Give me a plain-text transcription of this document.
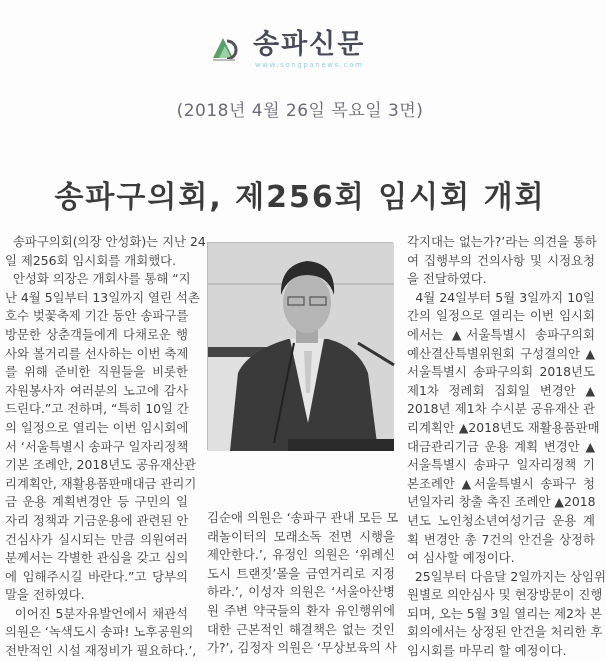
송파신문
www.songpanews.com
(2018년 4월 26일 목요일 3면)
송파구의회, 제256회 임시회 개회
송파구의회(의장 안성화)는 지난 24
일 제256회 임시회를 개회했다.
안성화 의장은 개회사를 통해 “지
난 4월 5일부터 13일까지 열린 석촌
호수 벚꽃축제 기간 동안 송파구를
방문한 상춘객들에게 다채로운 행
사와 볼거리를 선사하는 이번 축제
를 위해 준비한 직원들을 비롯한
자원봉사자 여러분의 노고에 감사
드린다.”고 전하며, “특히 10일 간
의 일정으로 열리는 이번 임시회에
서 ‘서울특별시 송파구 일자리정책
기본 조례안, 2018년도 공유재산관
리계획안, 재활용품판매대금 관리기
금 운용 계획변경안 등 구민의 일
자리 정책과 기금운용에 관련된 안
건심사가 실시되는 만큼 의원여러
분께서는 각별한 관심을 갖고 심의
에 임해주시길 바란다.”고 당부의
말을 전하였다.
이어진 5분자유발언에서 채관석
의원은 ‘녹색도시 송파! 노후공원의
전반적인 시설 재정비가 필요하다.’,
김순애 의원은 ‘송파구 관내 모든 모
래놀이터의 모래소독 전면 시행을
제안한다.’, 유정인 의원은 ‘위례신
도시 트랜짓’몰을 금연거리로 지정
하라.’, 이성자 의원은 ‘서울아산병
원 주변 약국들의 환자 유인행위에
대한 근본적인 해결책은 없는 것인
가?’, 김정자 의원은 ‘무상보육의 사
각지대는 없는가?’라는 의견을 통하
여 집행부의 건의사항 및 시정요청
을 전달하였다.
4월 24일부터 5월 3일까지 10일
간의 일정으로 열리는 이번 임시회
에서는 ▲서울특별시 송파구의회
예산결산특별위원회 구성결의안 ▲
서울특별시 송파구의회 2018년도
제1차 정례회 집회일 변경안 ▲
2018년 제1차 수시분 공유재산 관
리계획안 ▲2018년도 재활용품판매
대금관리기금 운용 계획 변경안 ▲
서울특별시 송파구 일자리정책 기
본조례안 ▲서울특별시 송파구 청
년일자리 창출 촉진 조례안 ▲2018
년도 노인청소년여성기금 운용 계
획 변경안 총 7건의 안건을 상정하
여 심사할 예정이다.
25일부터 다음달 2일까지는 상임위
원별로 의안심사 및 현장방문이 진행
되며, 오는 5월 3일 열리는 제2차 본
회의에서는 상정된 안건을 처리한 후
임시회를 마무리 할 예정이다.
